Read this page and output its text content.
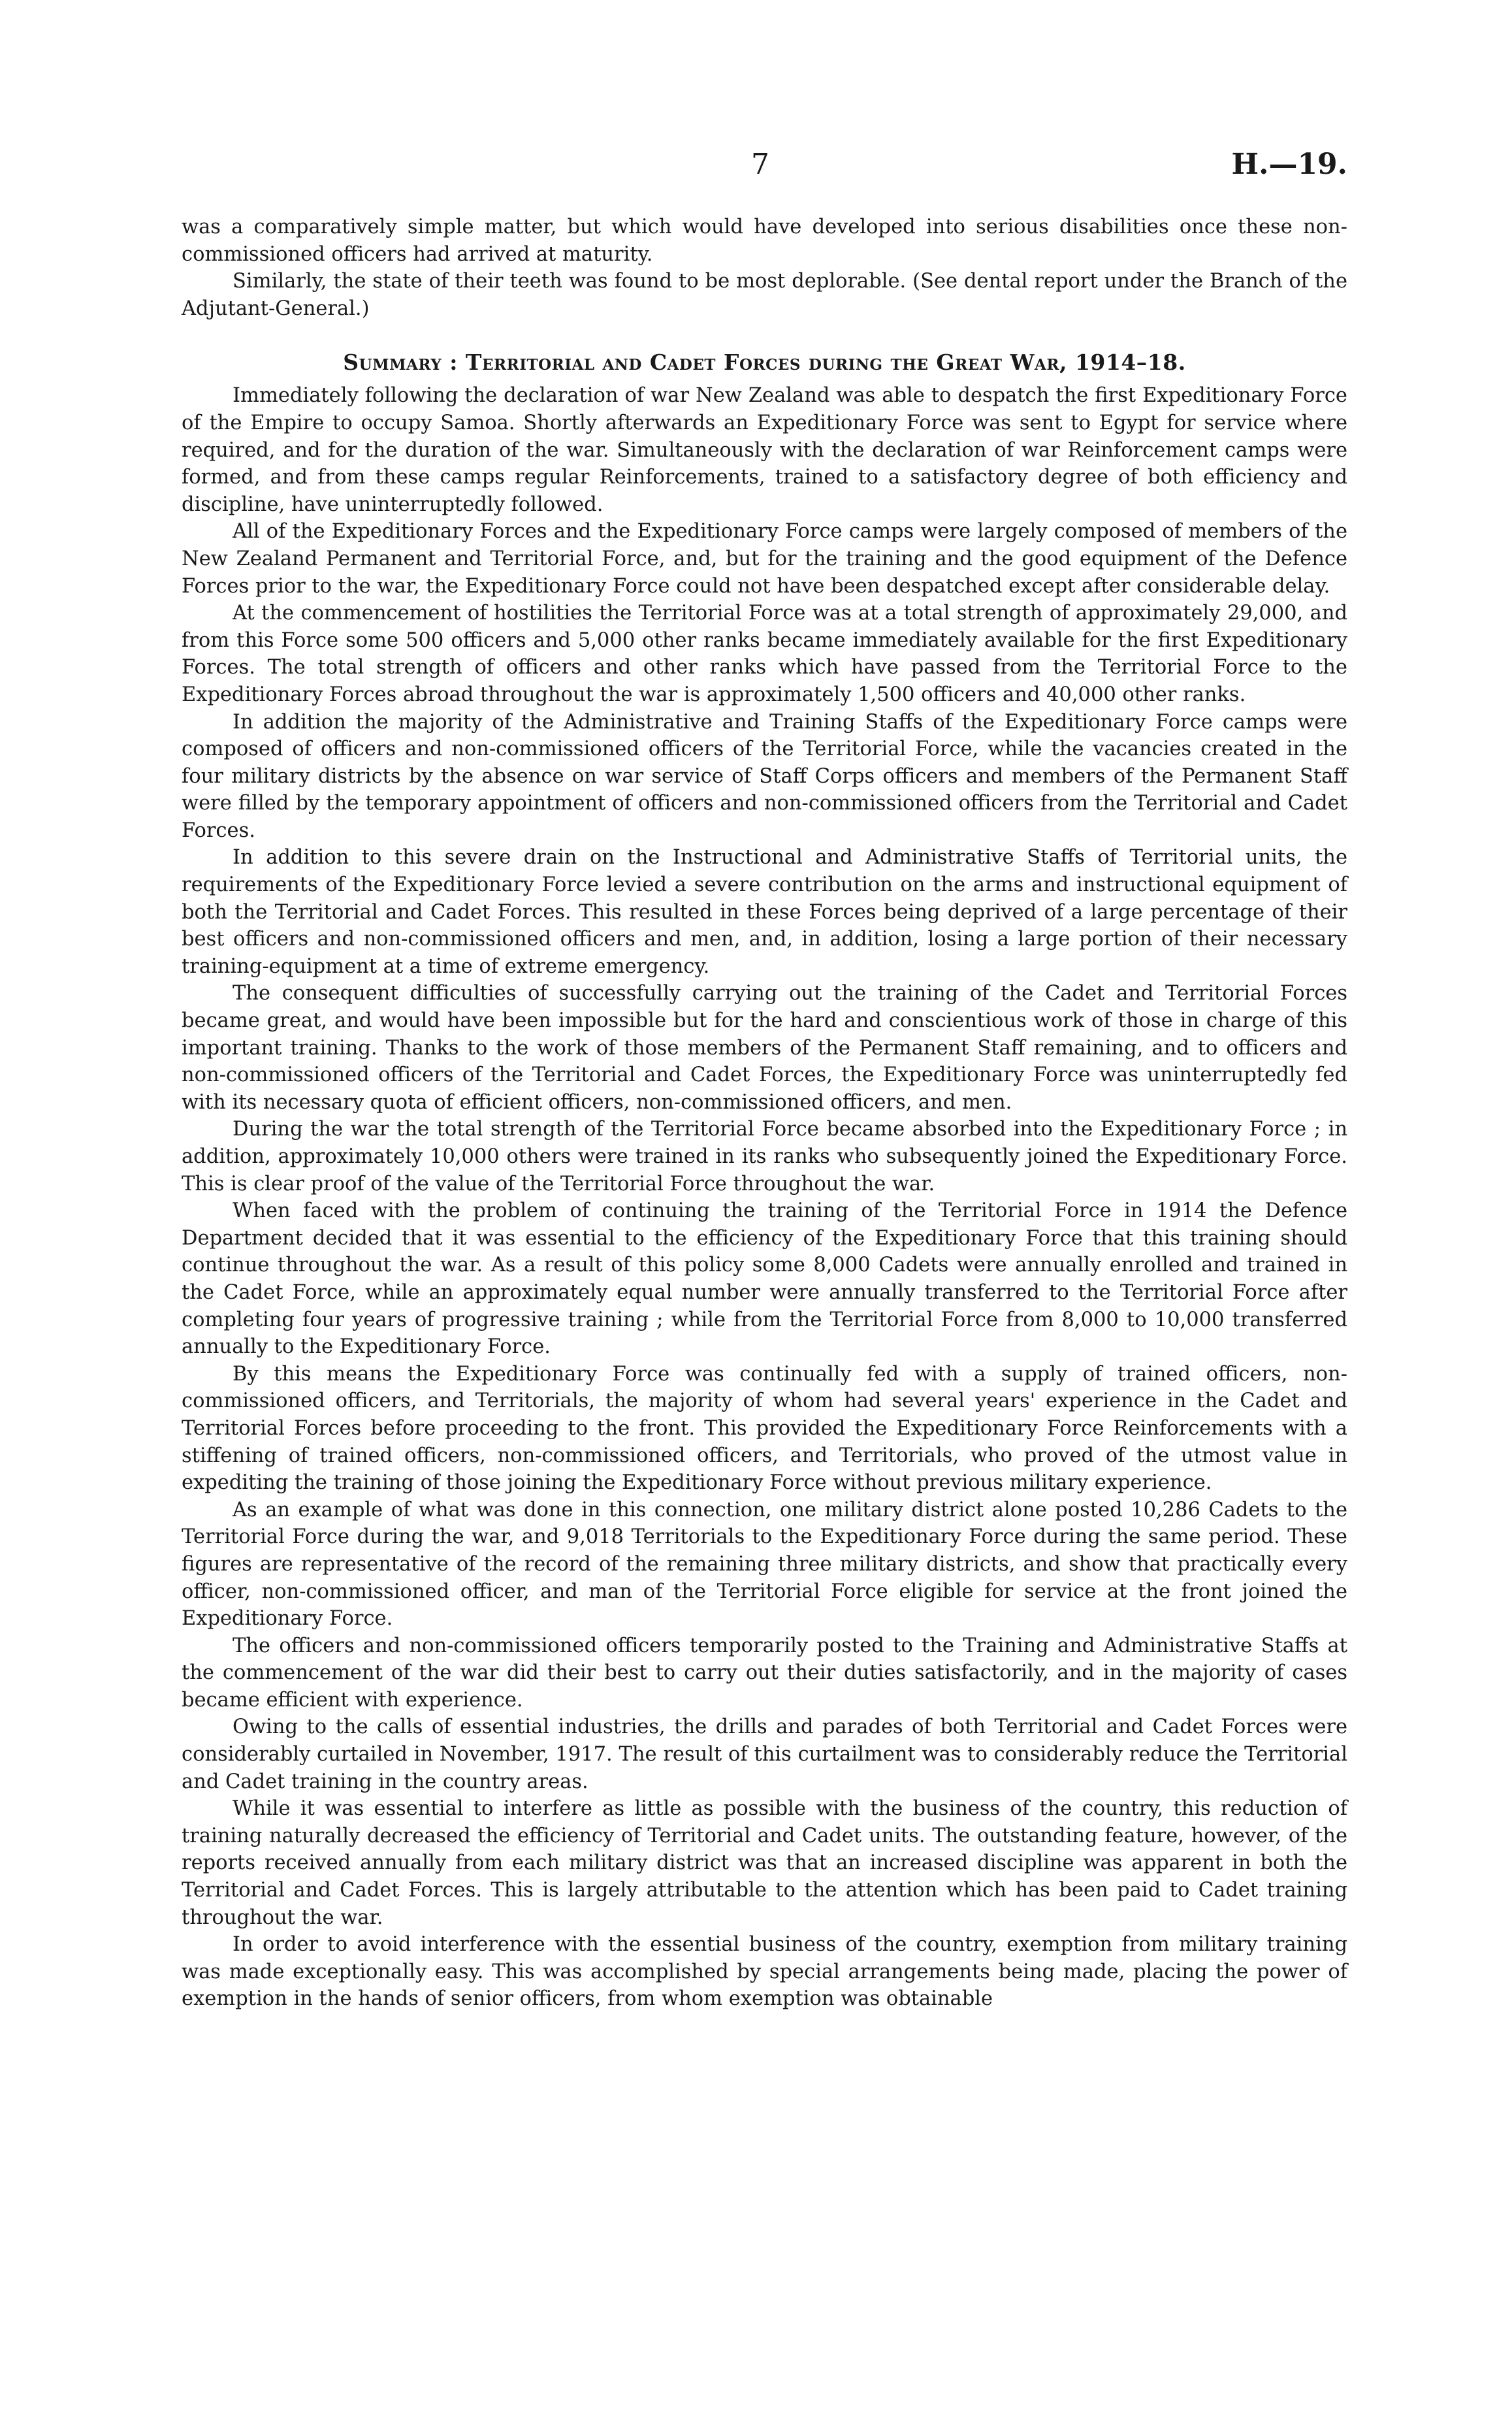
7	H.—19.

was a comparatively simple matter, but which would have developed into serious disabilities once these non-commissioned officers had arrived at maturity.

Similarly, the state of their teeth was found to be most deplorable. (See dental report under the Branch of the Adjutant-General.)

Summary : Territorial and Cadet Forces during the Great War, 1914–18.

Immediately following the declaration of war New Zealand was able to despatch the first Expeditionary Force of the Empire to occupy Samoa. Shortly afterwards an Expeditionary Force was sent to Egypt for service where required, and for the duration of the war. Simultaneously with the declaration of war Reinforcement camps were formed, and from these camps regular Reinforcements, trained to a satisfactory degree of both efficiency and discipline, have uninterruptedly followed.

All of the Expeditionary Forces and the Expeditionary Force camps were largely composed of members of the New Zealand Permanent and Territorial Force, and, but for the training and the good equipment of the Defence Forces prior to the war, the Expeditionary Force could not have been despatched except after considerable delay.

At the commencement of hostilities the Territorial Force was at a total strength of approximately 29,000, and from this Force some 500 officers and 5,000 other ranks became immediately available for the first Expeditionary Forces. The total strength of officers and other ranks which have passed from the Territorial Force to the Expeditionary Forces abroad throughout the war is approximately 1,500 officers and 40,000 other ranks.

In addition the majority of the Administrative and Training Staffs of the Expeditionary Force camps were composed of officers and non-commissioned officers of the Territorial Force, while the vacancies created in the four military districts by the absence on war service of Staff Corps officers and members of the Permanent Staff were filled by the temporary appointment of officers and non-commissioned officers from the Territorial and Cadet Forces.

In addition to this severe drain on the Instructional and Administrative Staffs of Territorial units, the requirements of the Expeditionary Force levied a severe contribution on the arms and instructional equipment of both the Territorial and Cadet Forces. This resulted in these Forces being deprived of a large percentage of their best officers and non-commissioned officers and men, and, in addition, losing a large portion of their necessary training-equipment at a time of extreme emergency.

The consequent difficulties of successfully carrying out the training of the Cadet and Territorial Forces became great, and would have been impossible but for the hard and conscientious work of those in charge of this important training. Thanks to the work of those members of the Permanent Staff remaining, and to officers and non-commissioned officers of the Territorial and Cadet Forces, the Expeditionary Force was uninterruptedly fed with its necessary quota of efficient officers, non-commissioned officers, and men.

During the war the total strength of the Territorial Force became absorbed into the Expeditionary Force ; in addition, approximately 10,000 others were trained in its ranks who subsequently joined the Expeditionary Force. This is clear proof of the value of the Territorial Force throughout the war.

When faced with the problem of continuing the training of the Territorial Force in 1914 the Defence Department decided that it was essential to the efficiency of the Expeditionary Force that this training should continue throughout the war. As a result of this policy some 8,000 Cadets were annually enrolled and trained in the Cadet Force, while an approximately equal number were annually transferred to the Territorial Force after completing four years of progressive training ; while from the Territorial Force from 8,000 to 10,000 transferred annually to the Expeditionary Force.

By this means the Expeditionary Force was continually fed with a supply of trained officers, non-commissioned officers, and Territorials, the majority of whom had several years' experience in the Cadet and Territorial Forces before proceeding to the front. This provided the Expeditionary Force Reinforcements with a stiffening of trained officers, non-commissioned officers, and Territorials, who proved of the utmost value in expediting the training of those joining the Expeditionary Force without previous military experience.

As an example of what was done in this connection, one military district alone posted 10,286 Cadets to the Territorial Force during the war, and 9,018 Territorials to the Expeditionary Force during the same period. These figures are representative of the record of the remaining three military districts, and show that practically every officer, non-commissioned officer, and man of the Territorial Force eligible for service at the front joined the Expeditionary Force.

The officers and non-commissioned officers temporarily posted to the Training and Administrative Staffs at the commencement of the war did their best to carry out their duties satisfactorily, and in the majority of cases became efficient with experience.

Owing to the calls of essential industries, the drills and parades of both Territorial and Cadet Forces were considerably curtailed in November, 1917. The result of this curtailment was to considerably reduce the Territorial and Cadet training in the country areas.

While it was essential to interfere as little as possible with the business of the country, this reduction of training naturally decreased the efficiency of Territorial and Cadet units. The outstanding feature, however, of the reports received annually from each military district was that an increased discipline was apparent in both the Territorial and Cadet Forces. This is largely attributable to the attention which has been paid to Cadet training throughout the war.

In order to avoid interference with the essential business of the country, exemption from military training was made exceptionally easy. This was accomplished by special arrangements being made, placing the power of exemption in the hands of senior officers, from whom exemption was obtainable
